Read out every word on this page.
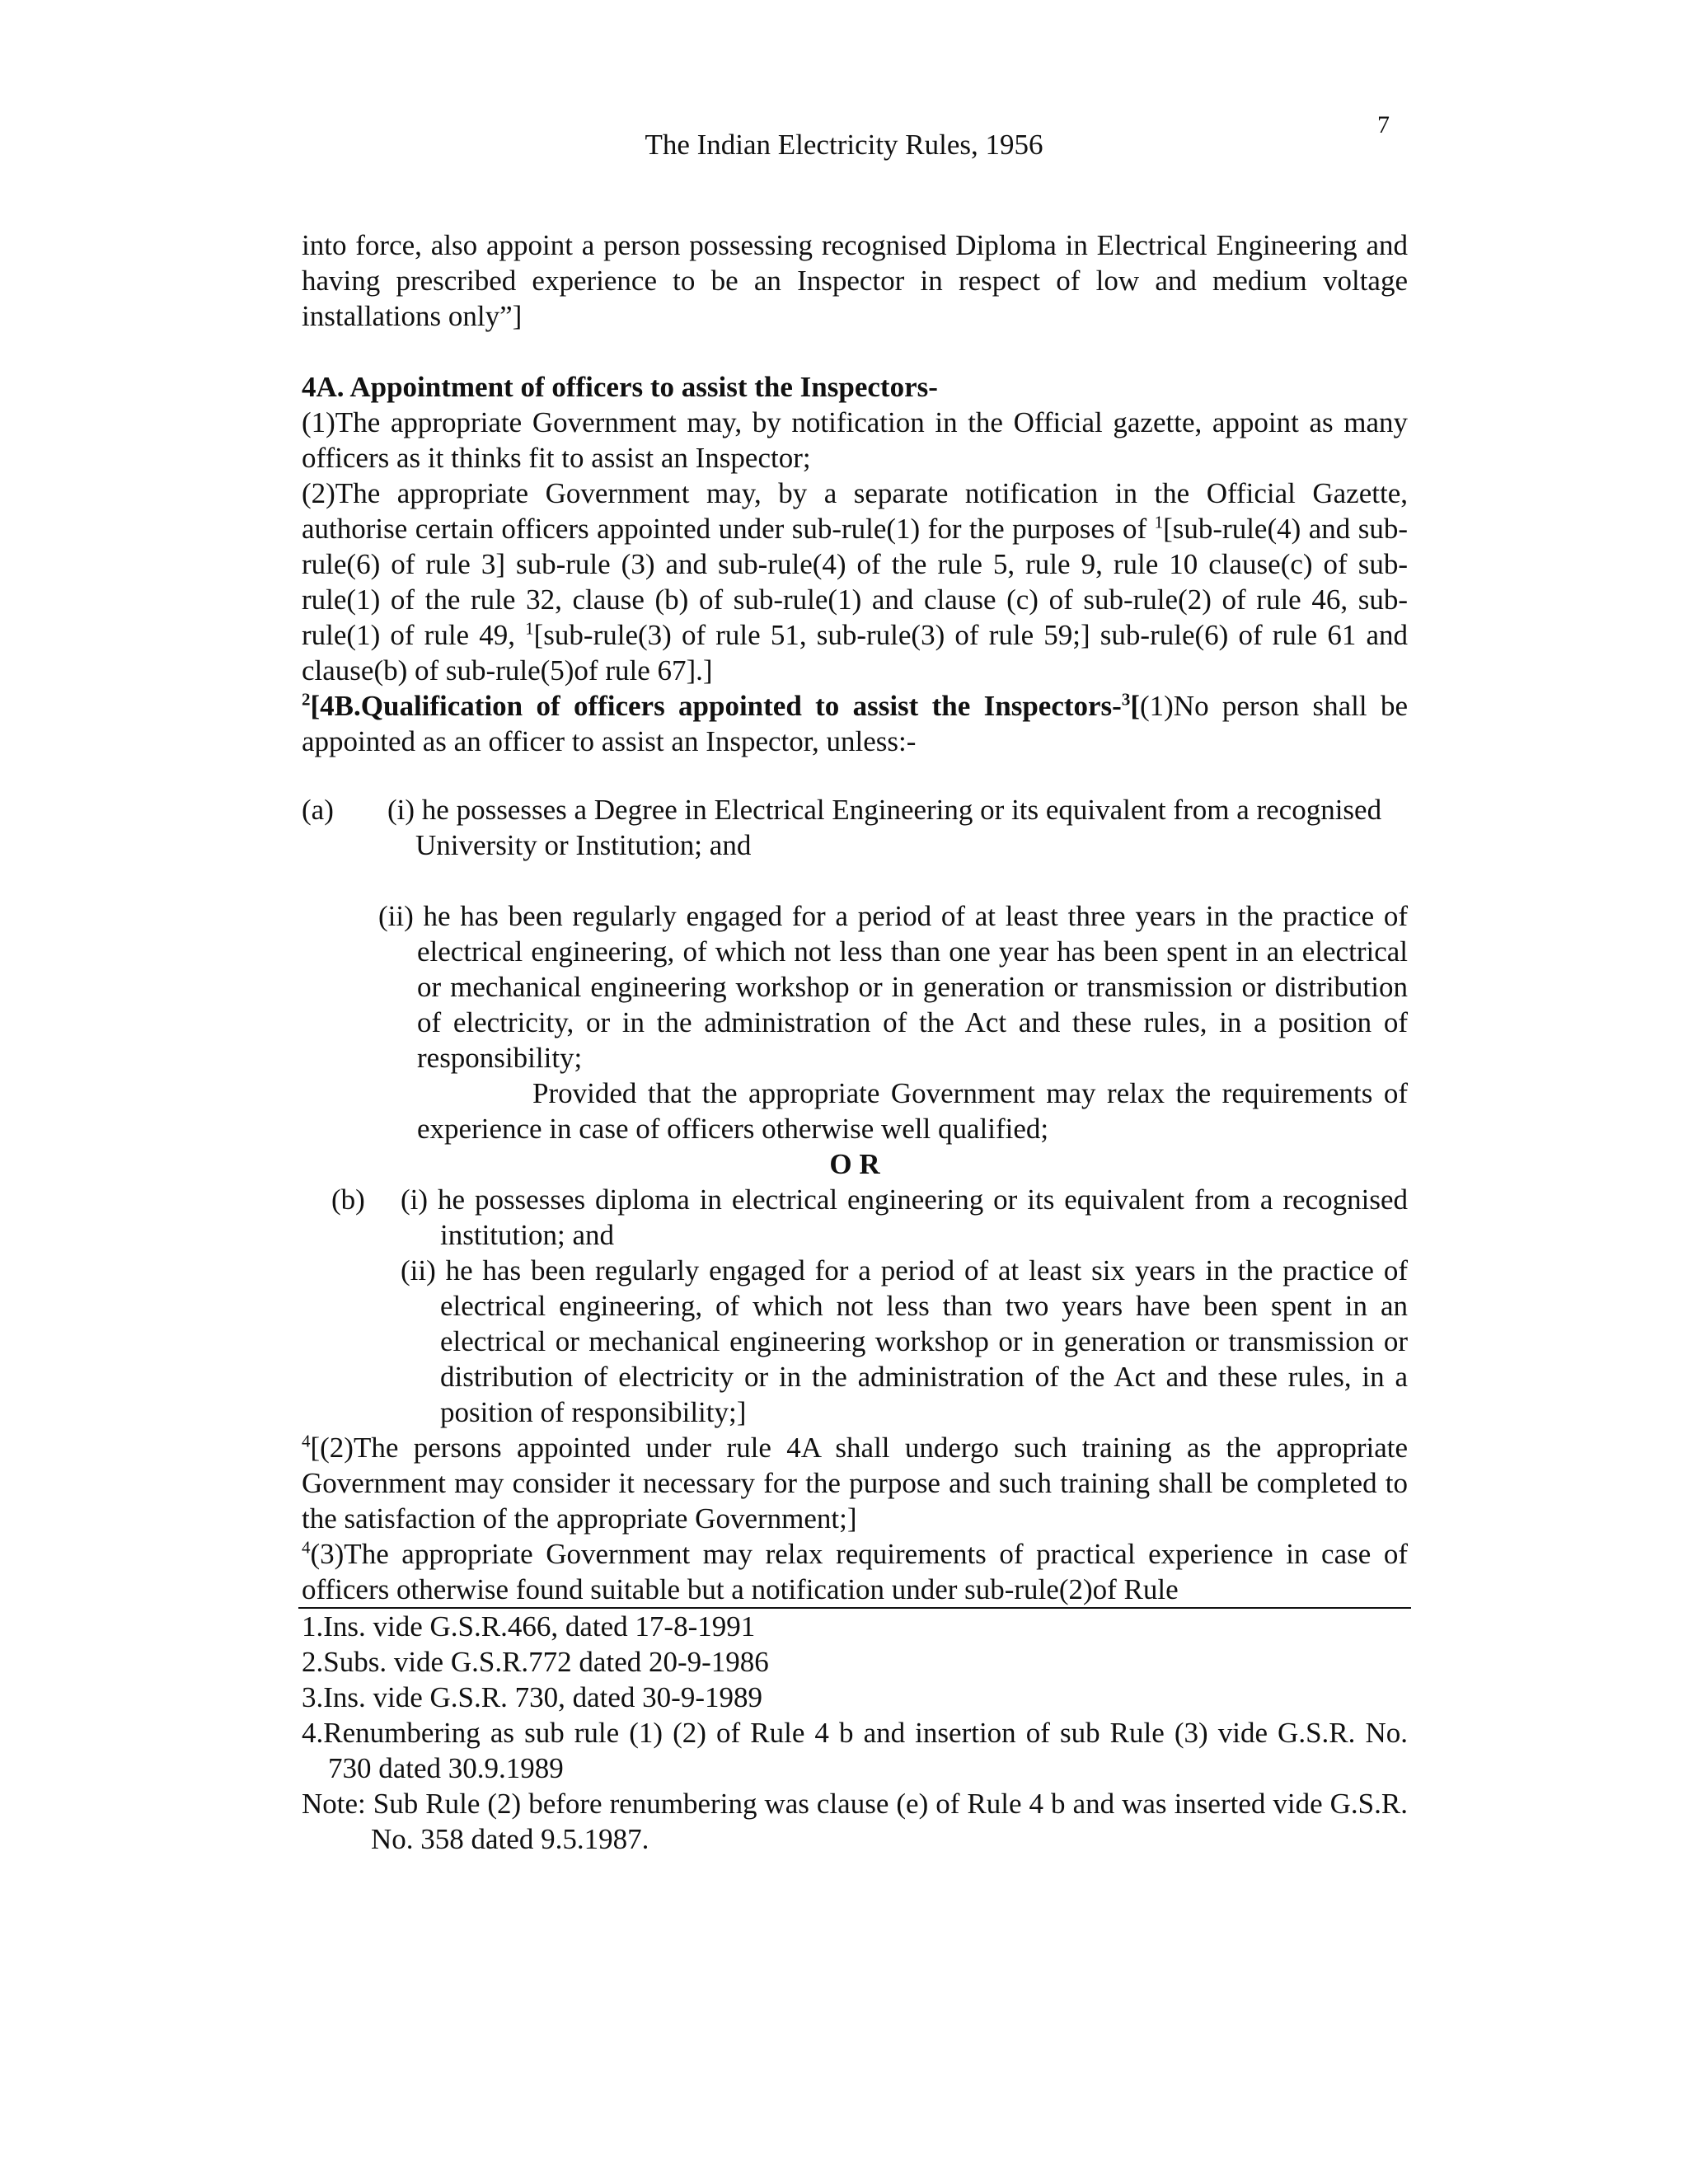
7
The Indian Electricity Rules, 1956

into force, also appoint a person possessing recognised Diploma in Electrical Engineering and having prescribed experience to be an Inspector in respect of low and medium voltage installations only”]

4A. Appointment of officers to assist the Inspectors-

(1)The appropriate Government may, by notification in the Official gazette, appoint as many officers as it thinks fit to assist an Inspector;

(2)The appropriate Government may, by a separate notification in the Official Gazette, authorise certain officers appointed under sub-rule(1) for the purposes of $^1$[sub-rule(4) and sub-rule(6) of rule 3] sub-rule (3) and sub-rule(4) of the rule 5, rule 9, rule 10 clause(c) of sub-rule(1) of the rule 32, clause (b) of sub-rule(1) and clause (c) of sub-rule(2) of rule 46, sub-rule(1) of rule 49, $^1$[sub-rule(3) of rule 51, sub-rule(3) of rule 59;] sub-rule(6) of rule 61 and clause(b) of sub-rule(5)of rule 67].]

$^2$[4B.Qualification of officers appointed to assist the Inspectors-$^3$[(1)No person shall be appointed as an officer to assist an Inspector, unless:-

(a)	(i) he possesses a Degree in Electrical Engineering or its equivalent from a recognised University or Institution; and

(ii) he has been regularly engaged for a period of at least three years in the practice of electrical engineering, of which not less than one year has been spent in an electrical or mechanical engineering workshop or in generation or transmission or distribution of electricity, or in the administration of the Act and these rules, in a position of responsibility;

Provided that the appropriate Government may relax the requirements of experience in case of officers otherwise well qualified;

O R

(b)	(i) he possesses diploma in electrical engineering or its equivalent from a recognised institution; and

(ii) he has been regularly engaged for a period of at least six years in the practice of electrical engineering, of which not less than two years have been spent in an electrical or mechanical engineering workshop or in generation or transmission or distribution of electricity or in the administration of the Act and these rules, in a position of responsibility;]

$^4$[(2)The persons appointed under rule 4A shall undergo such training as the appropriate Government may consider it necessary for the purpose and such training shall be completed to the satisfaction of the appropriate Government;]

$^4$(3)The appropriate Government may relax requirements of practical experience in case of officers otherwise found suitable but a notification under sub-rule(2)of Rule

1.Ins. vide G.S.R.466, dated 17-8-1991

2.Subs. vide G.S.R.772 dated 20-9-1986

3.Ins. vide G.S.R. 730, dated 30-9-1989

4.Renumbering as sub rule (1) (2) of Rule 4 b and insertion of sub Rule (3) vide G.S.R. No. 730 dated 30.9.1989

Note: Sub Rule (2) before renumbering was clause (e) of Rule 4 b and was inserted vide G.S.R. No. 358 dated 9.5.1987.
